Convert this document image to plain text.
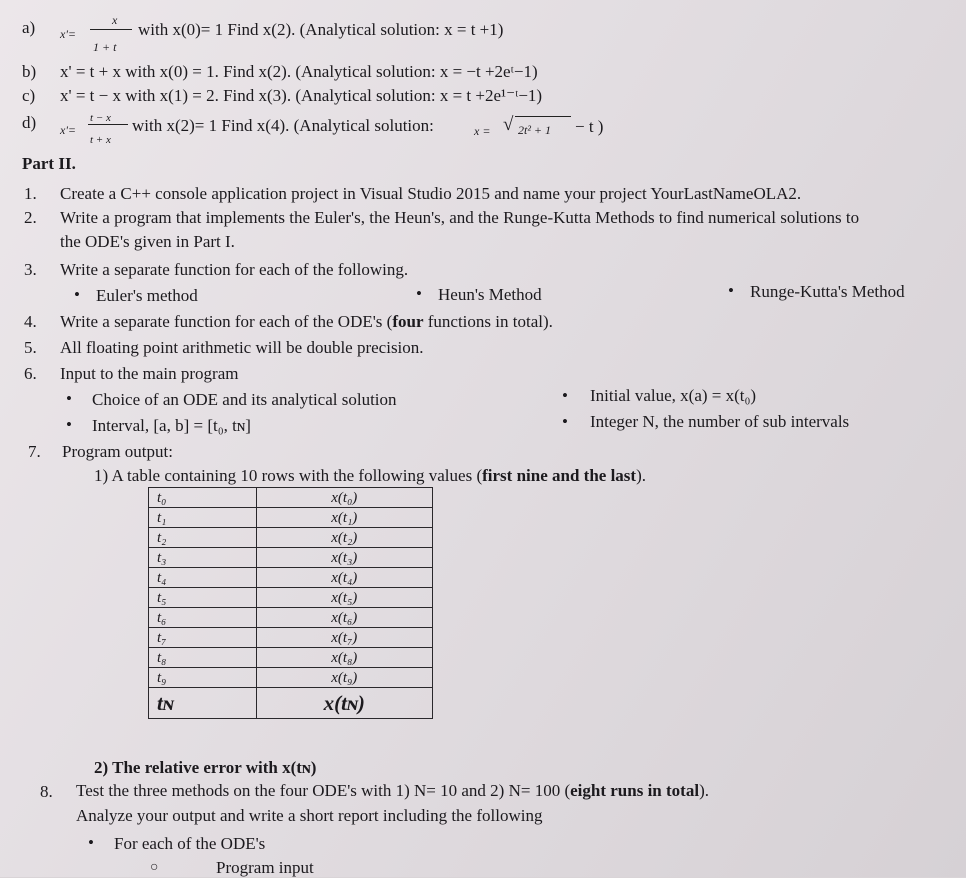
a) x'=
x
1 + t
with x(0)= 1 Find x(2). (Analytical solution: x = t +1)
b) x' = t + x with x(0) = 1. Find x(2). (Analytical solution: x = −t +2eᵗ−1)
c) x' = t − x with x(1) = 2. Find x(3). (Analytical solution: x = t +2e¹⁻ᵗ−1)
d) x'=
t − x
t + x
with x(2)= 1 Find x(4). (Analytical solution:	x = √ 2t² + 1 − t )
Part II.
1. Create a C++ console application project in Visual Studio 2015 and name your project YourLastNameOLA2.
2. Write a program that implements the Euler's, the Heun's, and the Runge-Kutta Methods to find numerical solutions to
the ODE's given in Part I.
3. Write a separate function for each of the following.
• Euler's method	• Heun's Method	• Runge-Kutta's Method
4. Write a separate function for each of the ODE's (four functions in total).
5. All floating point arithmetic will be double precision.
6. Input to the main program
• Choice of an ODE and its analytical solution	• Initial value, x(a) = x(t₀)
• Interval, [a, b] = [t₀, tɴ]	• Integer N, the number of sub intervals
7. Program output:
1) A table containing 10 rows with the following values (first nine and the last).
t₀	x(t₀)
t₁	x(t₁)
t₂	x(t₂)
t₃	x(t₃)
t₄	x(t₄)
t₅	x(t₅)
t₆	x(t₆)
t₇	x(t₇)
t₈	x(t₈)
t₉	x(t₉)
tɴ	x(tɴ)
2) The relative error with x(tɴ)
8. Test the three methods on the four ODE's with 1) N= 10 and 2) N= 100 (eight runs in total).
Analyze your output and write a short report including the following
• For each of the ODE's
○	Program input
